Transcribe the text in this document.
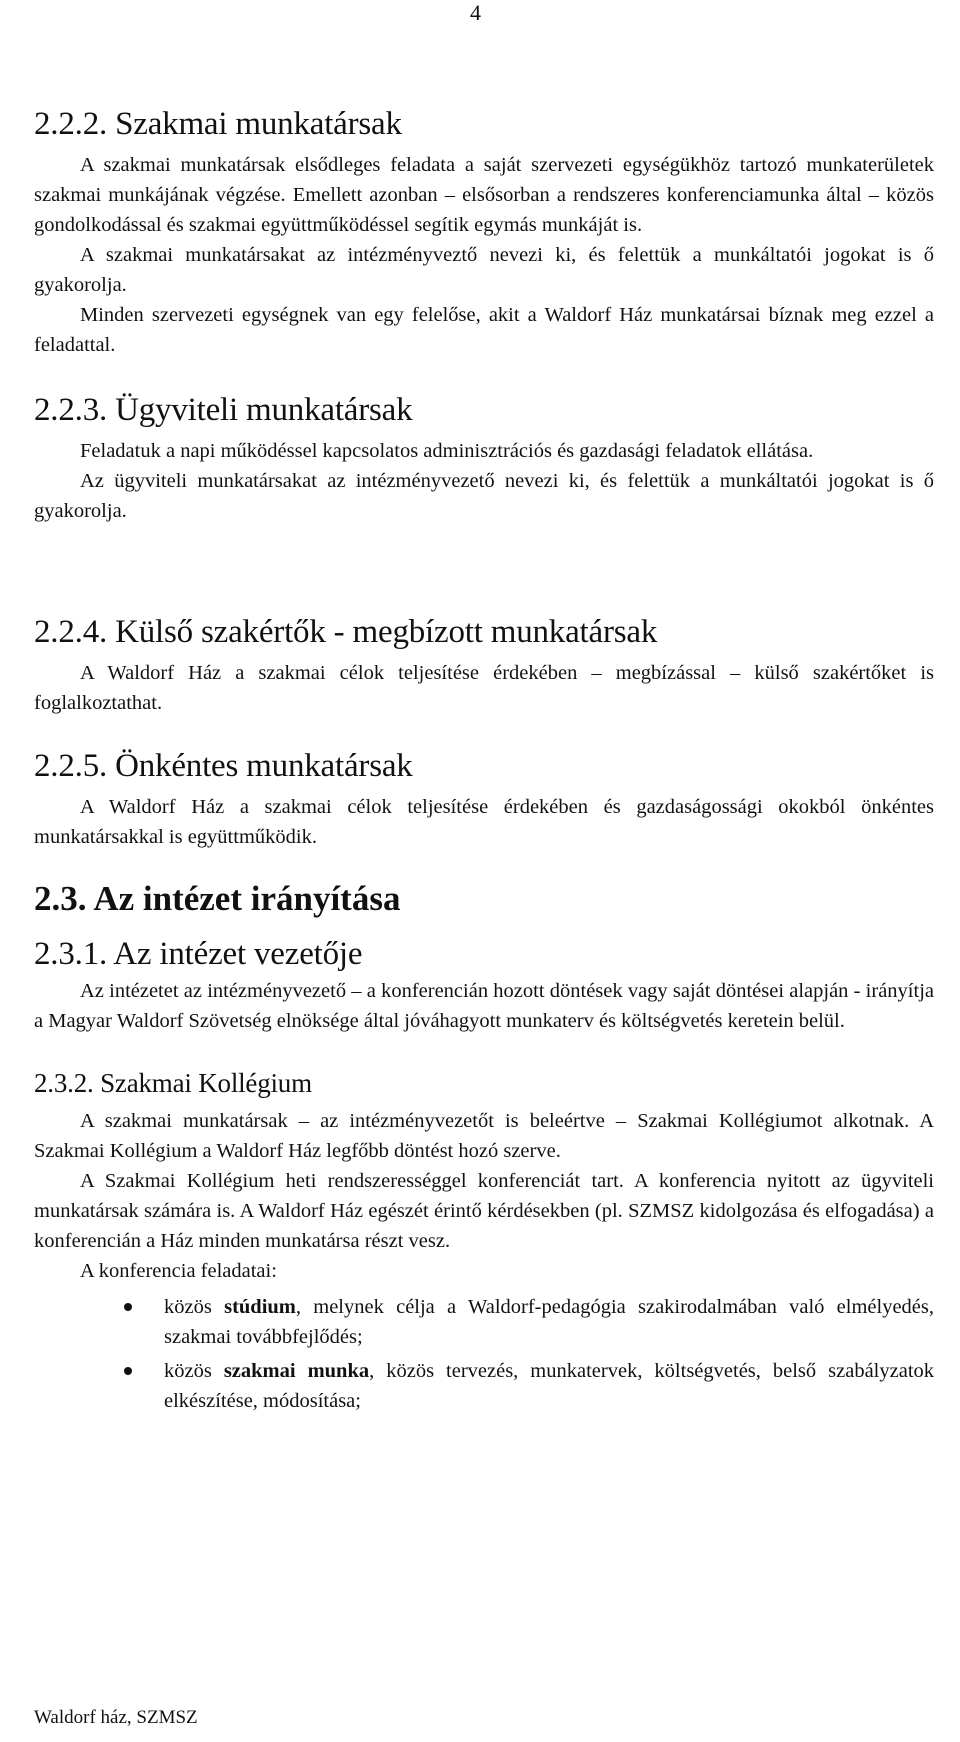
4
2.2.2. Szakmai munkatársak

A szakmai munkatársak elsődleges feladata a saját szervezeti egységükhöz tartozó munkaterületek szakmai munkájának végzése. Emellett azonban – elsősorban a rendszeres konferenciamunka által – közös gondolkodással és szakmai együttműködéssel segítik egymás munkáját is.

A szakmai munkatársakat az intézményveztő nevezi ki, és felettük a munkáltatói jogokat is ő gyakorolja.

Minden szervezeti egységnek van egy felelőse, akit a Waldorf Ház munkatársai bíznak meg ezzel a feladattal.

2.2.3. Ügyviteli munkatársak

Feladatuk a napi működéssel kapcsolatos adminisztrációs és gazdasági feladatok ellátása.

Az ügyviteli munkatársakat az intézményvezető nevezi ki, és felettük a munkáltatói jogokat is ő gyakorolja.

2.2.4. Külső szakértők - megbízott munkatársak

A Waldorf Ház a szakmai célok teljesítése érdekében – megbízással – külső szakértőket is foglalkoztathat.

2.2.5. Önkéntes munkatársak

A Waldorf Ház a szakmai célok teljesítése érdekében és gazdaságossági okokból önkéntes munkatársakkal is együttműködik.

2.3. Az intézet irányítása
2.3.1. Az intézet vezetője

Az intézetet az intézményvezető – a konferencián hozott döntések vagy saját döntései alapján - irányítja a Magyar Waldorf Szövetség elnöksége által jóváhagyott munkaterv és költségvetés keretein belül.

2.3.2. Szakmai Kollégium

A szakmai munkatársak – az intézményvezetőt is beleértve – Szakmai Kollégiumot alkotnak. A Szakmai Kollégium a Waldorf Ház legfőbb döntést hozó szerve.

A Szakmai Kollégium heti rendszerességgel konferenciát tart. A konferencia nyitott az ügyviteli munkatársak számára is. A Waldorf Ház egészét érintő kérdésekben (pl. SZMSZ kidolgozása és elfogadása) a konferencián a Ház minden munkatársa részt vesz.

A konferencia feladatai:

közös stúdium, melynek célja a Waldorf-pedagógia szakirodalmában való elmélyedés, szakmai továbbfejlődés;
közös szakmai munka, közös tervezés, munkatervek, költségvetés, belső szabályzatok elkészítése, módosítása;
Waldorf ház, SZMSZ
